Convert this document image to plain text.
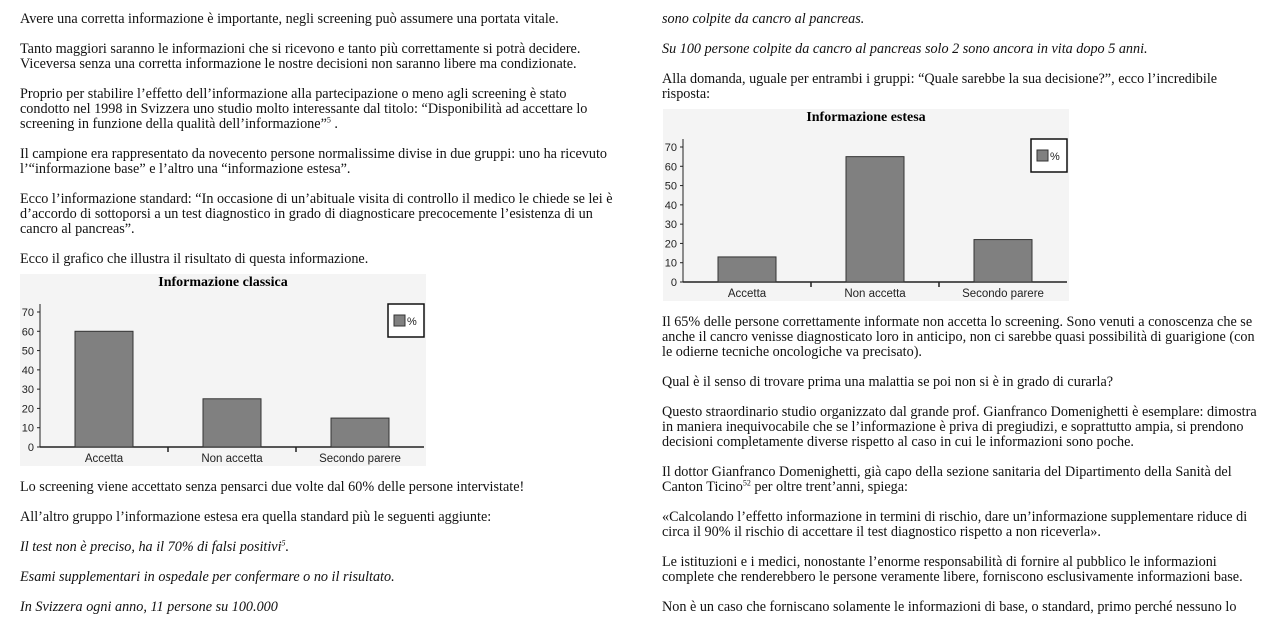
Avere una corretta informazione è importante, negli screening può assumere una portata vitale.

Tanto maggiori saranno le informazioni che si ricevono e tanto più correttamente si potrà decidere.
Viceversa senza una corretta informazione le nostre decisioni non saranno libere ma condizionate.

Proprio per stabilire l’effetto dell’informazione alla partecipazione o meno agli screening è stato
condotto nel 1998 in Svizzera uno studio molto interessante dal titolo: “Disponibilità ad accettare lo
screening in funzione della qualità dell’informazione”$^5$ .

Il campione era rappresentato da novecento persone normalissime divise in due gruppi: uno ha ricevuto
l’“informazione base” e l’altro una “informazione estesa”.

Ecco l’informazione standard: “In occasione di un’abituale visita di controllo il medico le chiede se lei è
d’accordo di sottoporsi a un test diagnostico in grado di diagnosticare precocemente l’esistenza di un
cancro al pancreas”.

Ecco il grafico che illustra il risultato di questa informazione.

Informazione classica
0
10
20
30
40
50
60
70
Accetta	Non accetta	Secondo parere
%

Lo screening viene accettato senza pensarci due volte dal 60% delle persone intervistate!

All’altro gruppo l’informazione estesa era quella standard più le seguenti aggiunte:

Il test non è preciso, ha il 70% di falsi positivi$^5$.

Esami supplementari in ospedale per confermare o no il risultato.

In Svizzera ogni anno, 11 persone su 100.000

sono colpite da cancro al pancreas.

Su 100 persone colpite da cancro al pancreas solo 2 sono ancora in vita dopo 5 anni.

Alla domanda, uguale per entrambi i gruppi: “Quale sarebbe la sua decisione?”, ecco l’incredibile
risposta:

Informazione estesa
0
10
20
30
40
50
60
70
Accetta	Non accetta	Secondo parere
%

Il 65% delle persone correttamente informate non accetta lo screening. Sono venuti a conoscenza che se
anche il cancro venisse diagnosticato loro in anticipo, non ci sarebbe quasi possibilità di guarigione (con
le odierne tecniche oncologiche va precisato).

Qual è il senso di trovare prima una malattia se poi non si è in grado di curarla?

Questo straordinario studio organizzato dal grande prof. Gianfranco Domenighetti è esemplare: dimostra
in maniera inequivocabile che se l’informazione è priva di pregiudizi, e soprattutto ampia, si prendono
decisioni completamente diverse rispetto al caso in cui le informazioni sono poche.

Il dottor Gianfranco Domenighetti, già capo della sezione sanitaria del Dipartimento della Sanità del
Canton Ticino$^{52}$ per oltre trent’anni, spiega:

«Calcolando l’effetto informazione in termini di rischio, dare un’informazione supplementare riduce di
circa il 90% il rischio di accettare il test diagnostico rispetto a non riceverla».

Le istituzioni e i medici, nonostante l’enorme responsabilità di fornire al pubblico le informazioni
complete che renderebbero le persone veramente libere, forniscono esclusivamente informazioni base.

Non è un caso che forniscano solamente le informazioni di base, o standard, primo perché nessuno lo
